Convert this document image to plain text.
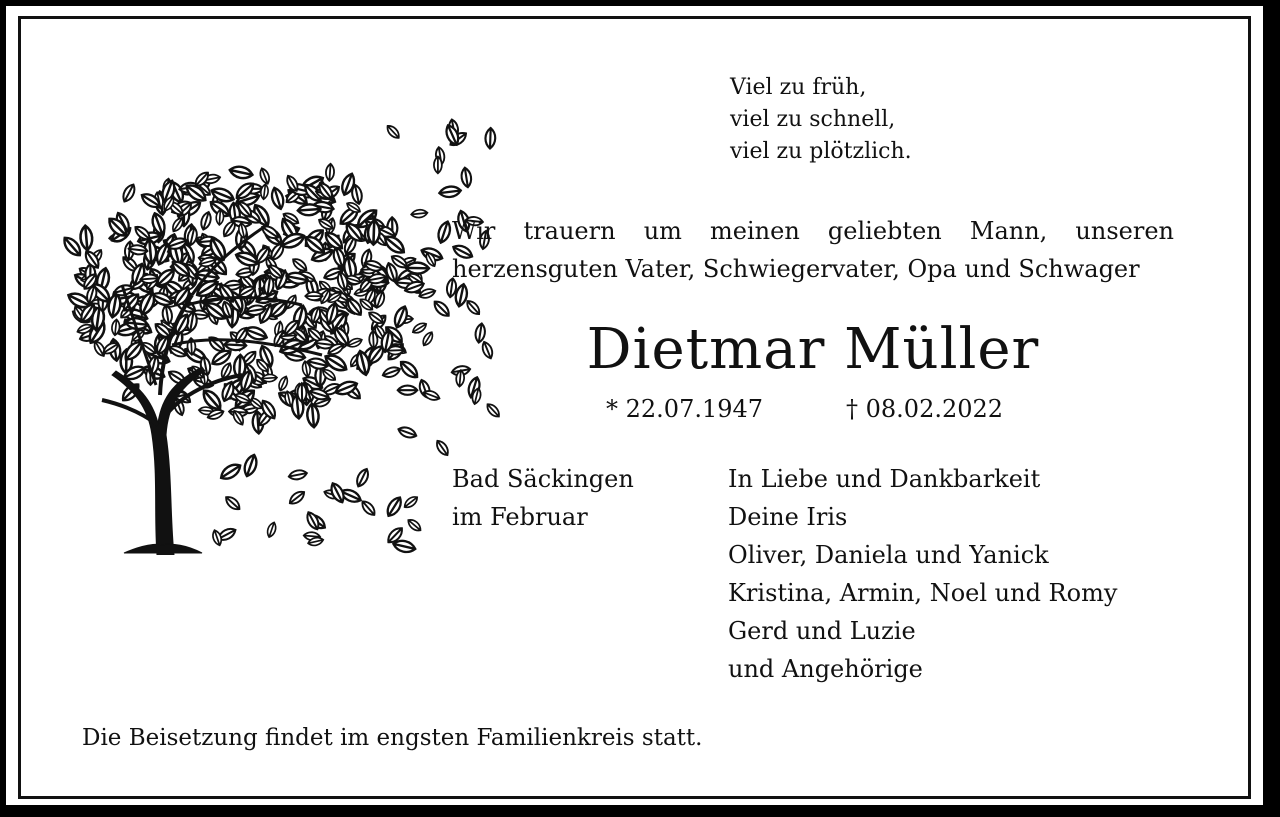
Viel zu früh,
viel zu schnell,
viel zu plötzlich.
Wir trauern um meinen geliebten Mann, unseren herzensguten Vater, Schwiegervater, Opa und Schwager
Dietmar Müller
* 22.07.1947	† 08.02.2022
Bad Säckingen
im Februar
In Liebe und Dankbarkeit
Deine Iris
Oliver, Daniela und Yanick
Kristina, Armin, Noel und Romy
Gerd und Luzie
und Angehörige
Die Beisetzung findet im engsten Familienkreis statt.
